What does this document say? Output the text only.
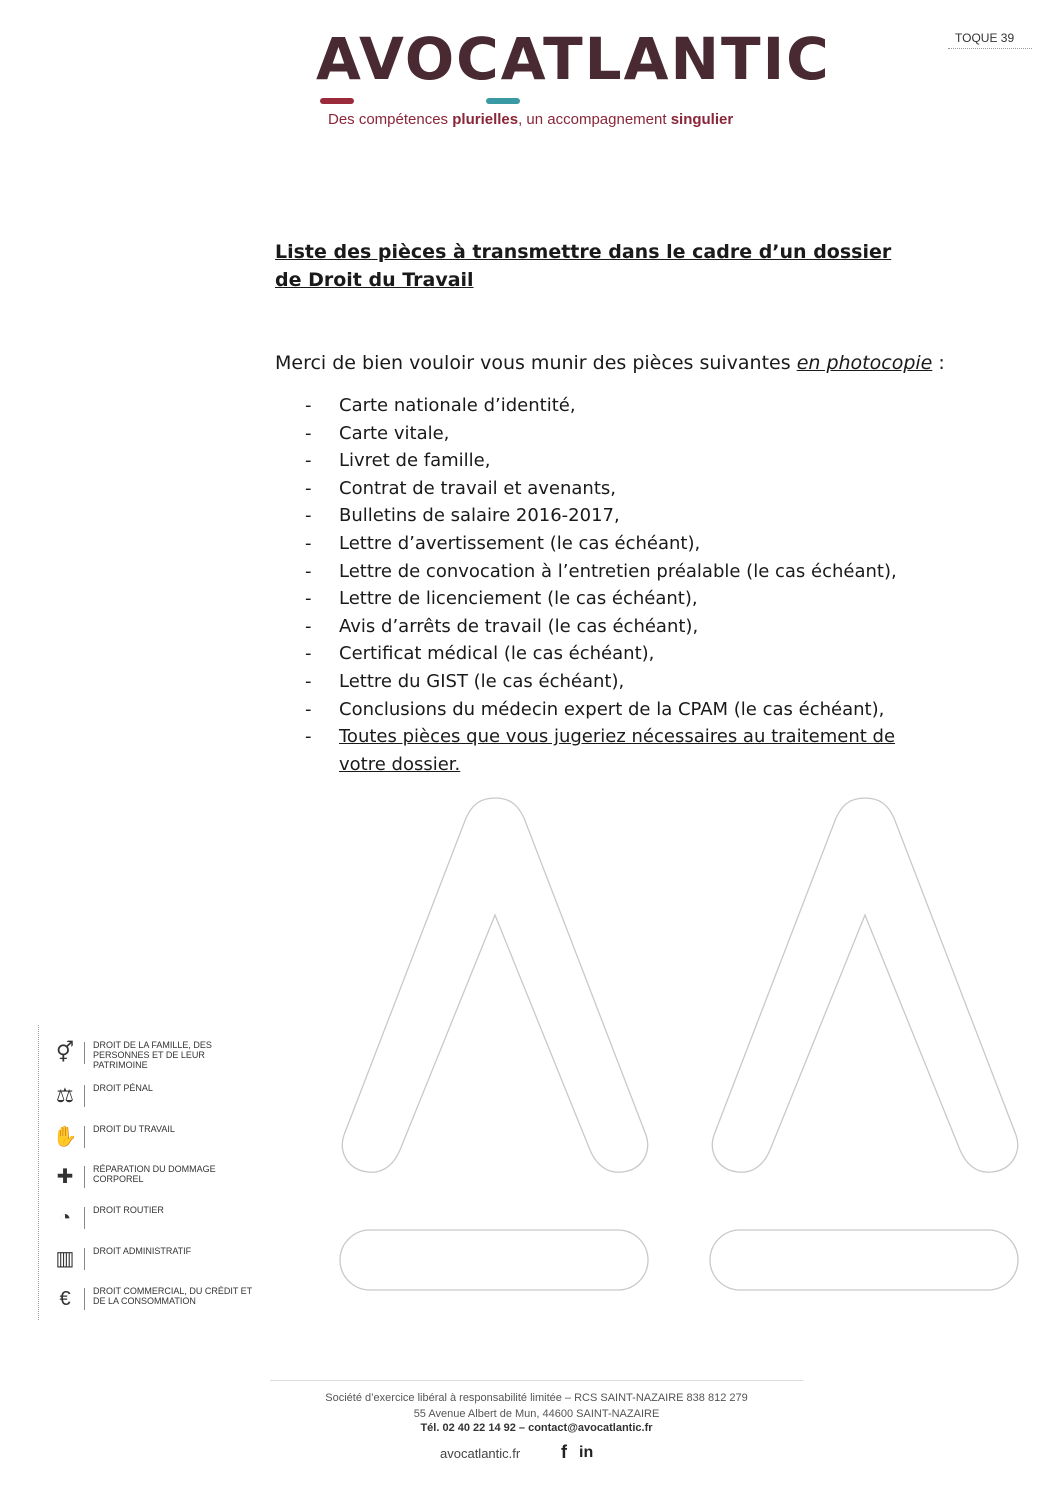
TOQUE 39
AVOCATLANTIC
Des compétences plurielles, un accompagnement singulier
Liste des pièces à transmettre dans le cadre d’un dossier de Droit du Travail
Merci de bien vouloir vous munir des pièces suivantes en photocopie :
- Carte nationale d’identité,
- Carte vitale,
- Livret de famille,
- Contrat de travail et avenants,
- Bulletins de salaire 2016-2017,
- Lettre d’avertissement (le cas échéant),
- Lettre de convocation à l’entretien préalable (le cas échéant),
- Lettre de licenciement (le cas échéant),
- Avis d’arrêts de travail (le cas échéant),
- Certificat médical (le cas échéant),
- Lettre du GIST (le cas échéant),
- Conclusions du médecin expert de la CPAM (le cas échéant),
- Toutes pièces que vous jugeriez nécessaires au traitement de votre dossier.
⚥	DROIT DE LA FAMILLE, DES PERSONNES ET DE LEUR PATRIMOINE
⚖	DROIT PÉNAL
✋ DROIT DU TRAVAIL
✚	RÉPARATION DU DOMMAGE CORPOREL
◔	DROIT ROUTIER
▥	DROIT ADMINISTRATIF
€	DROIT COMMERCIAL, DU CRÉDIT ET DE LA CONSOMMATION
Société d’exercice libéral à responsabilité limitée – RCS SAINT-NAZAIRE 838 812 279
55 Avenue Albert de Mun, 44600 SAINT-NAZAIRE
Tél. 02 40 22 14 92 – contact@avocatlantic.fr
avocatlantic.fr f in
